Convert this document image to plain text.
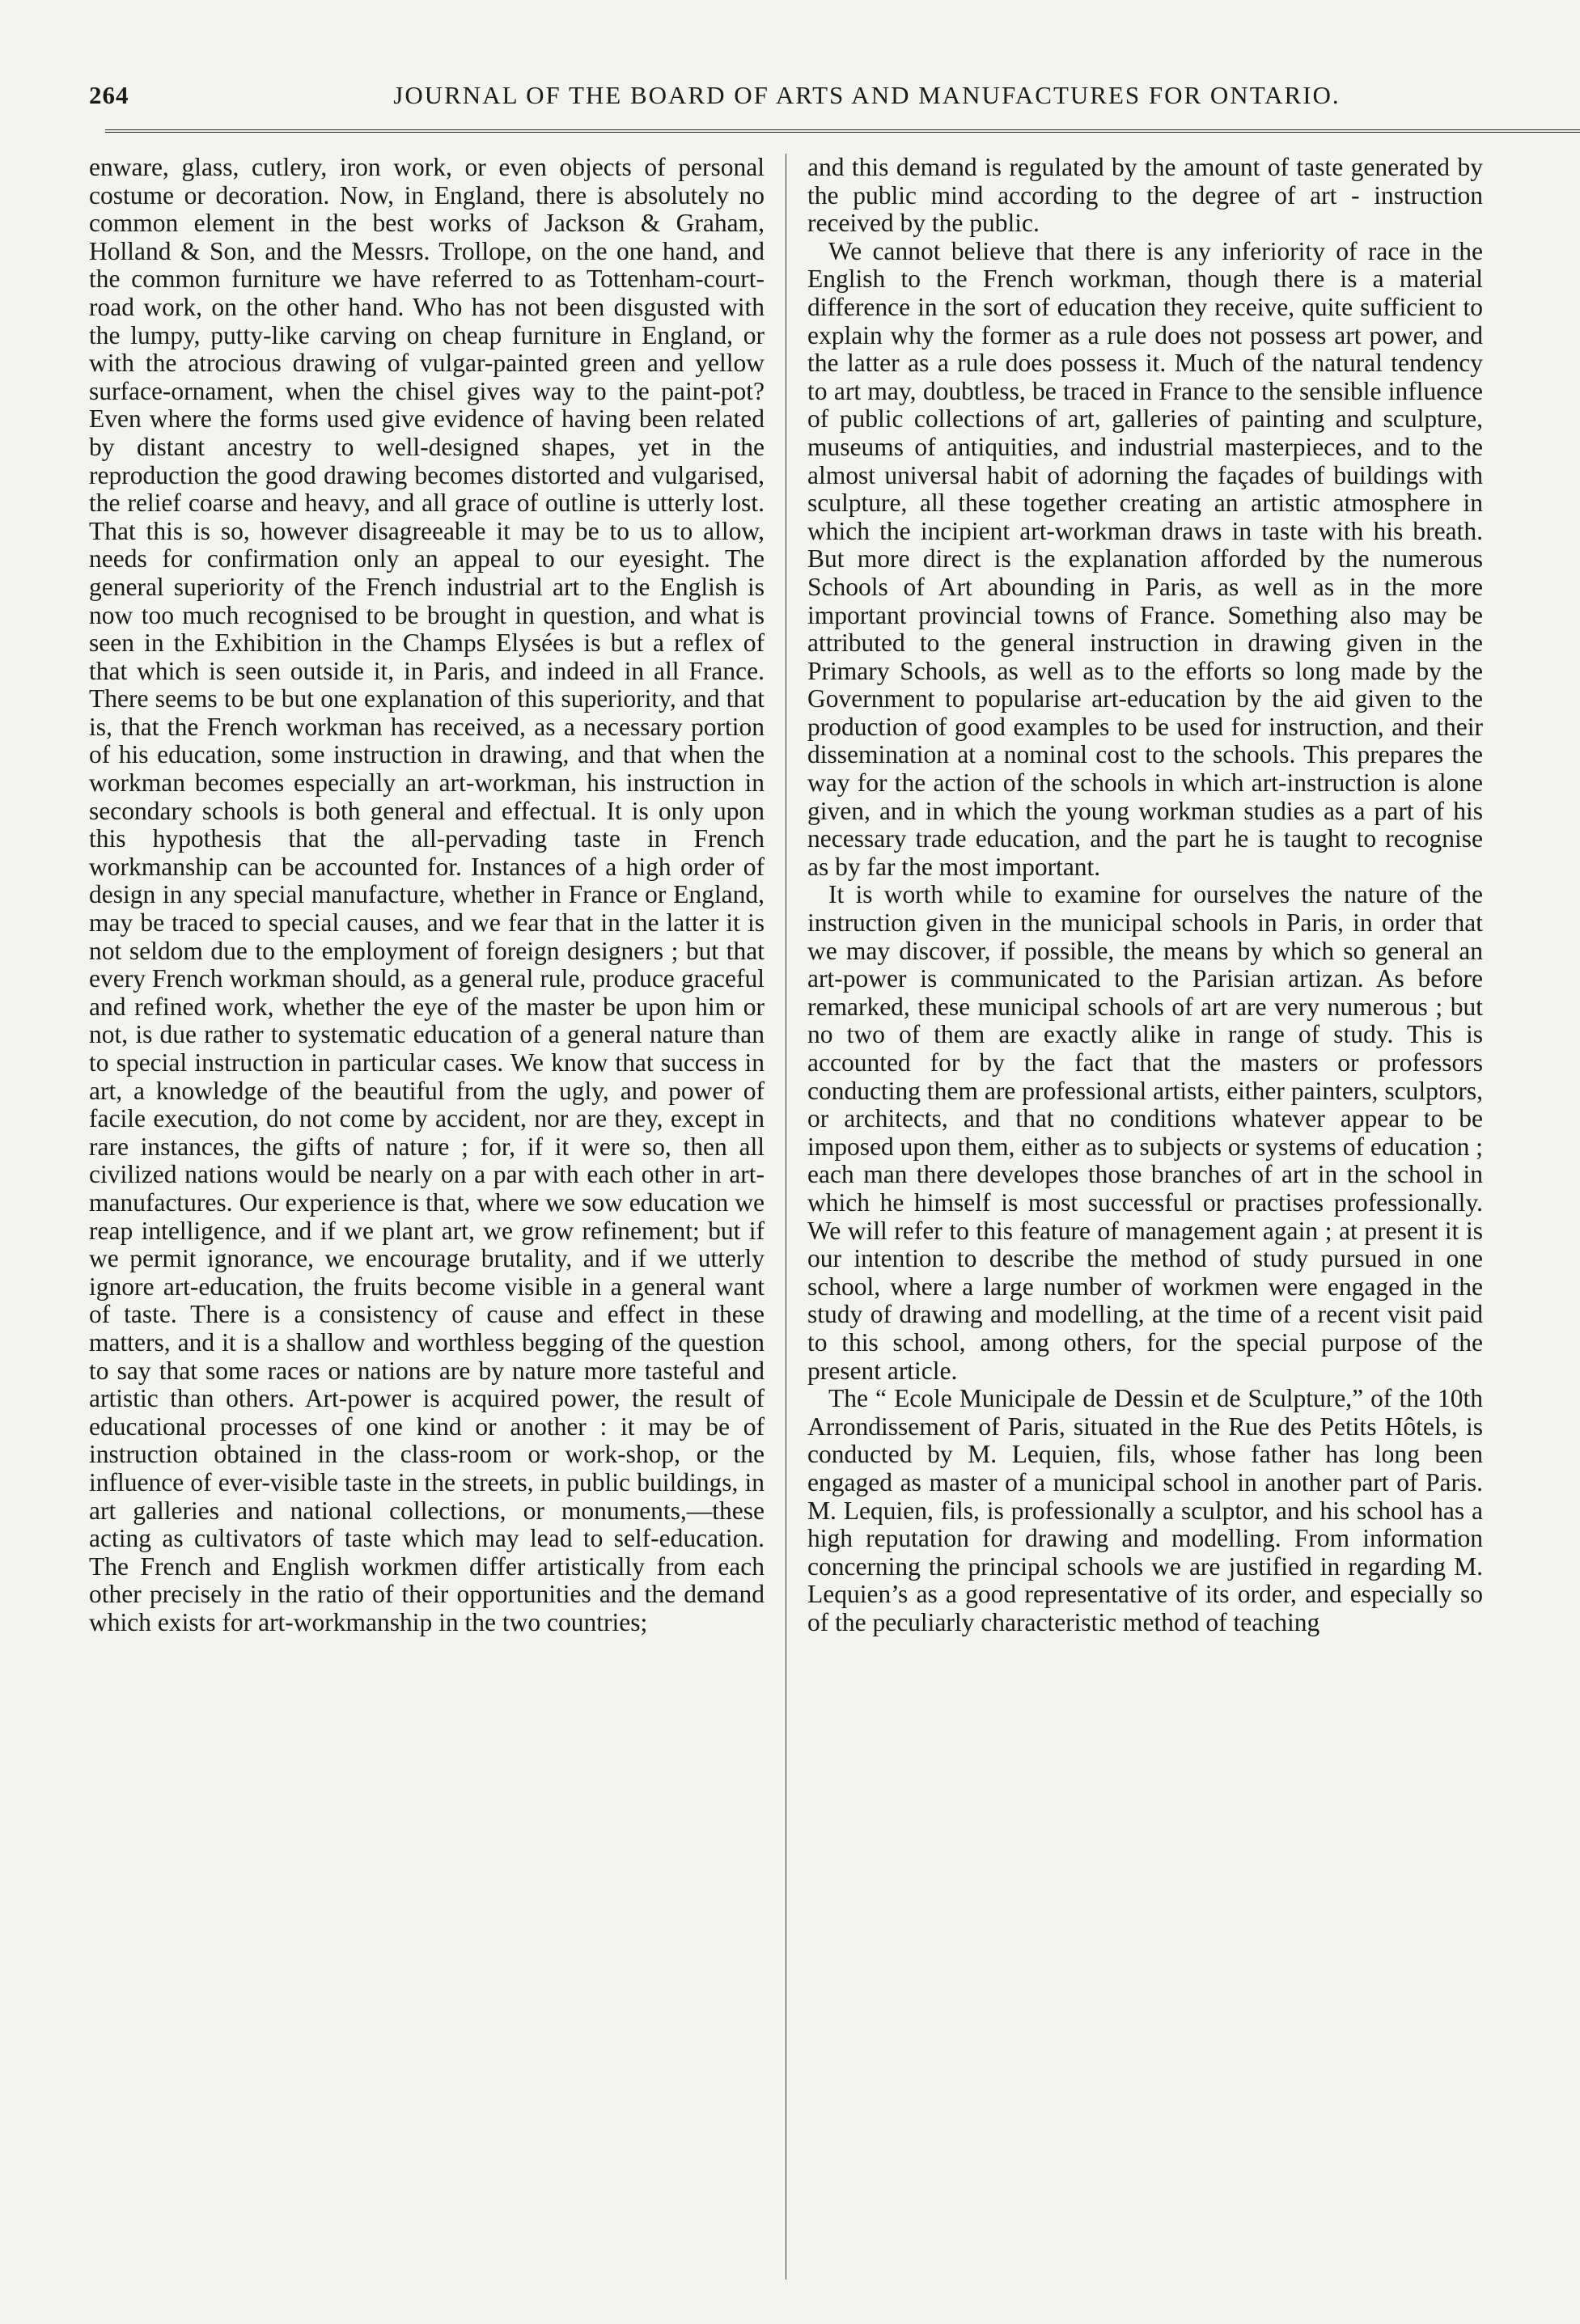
264	JOURNAL OF THE BOARD OF ARTS AND MANUFACTURES FOR ONTARIO.

enware, glass, cutlery, iron work, or even objects of personal costume or decoration. Now, in England, there is absolutely no common element in the best works of Jackson & Graham, Holland & Son, and the Messrs. Trollope, on the one hand, and the common furniture we have referred to as Tottenham-court-road work, on the other hand. Who has not been disgusted with the lumpy, putty-like carving on cheap furniture in England, or with the atrocious drawing of vulgar-painted green and yellow surface-ornament, when the chisel gives way to the paint-pot? Even where the forms used give evidence of having been related by distant ancestry to well-designed shapes, yet in the reproduction the good drawing becomes distorted and vulgarised, the relief coarse and heavy, and all grace of outline is utterly lost. That this is so, however disagreeable it may be to us to allow, needs for confirmation only an appeal to our eyesight. The general superiority of the French industrial art to the English is now too much recognised to be brought in question, and what is seen in the Exhibition in the Champs Elysées is but a reflex of that which is seen outside it, in Paris, and indeed in all France. There seems to be but one explanation of this superiority, and that is, that the French workman has received, as a necessary portion of his education, some instruction in drawing, and that when the workman becomes especially an art-workman, his instruction in secondary schools is both general and effectual. It is only upon this hypothesis that the all-pervading taste in French workmanship can be accounted for. Instances of a high order of design in any special manufacture, whether in France or England, may be traced to special causes, and we fear that in the latter it is not seldom due to the employment of foreign designers ; but that every French workman should, as a general rule, produce graceful and refined work, whether the eye of the master be upon him or not, is due rather to systematic education of a general nature than to special instruction in particular cases. We know that success in art, a knowledge of the beautiful from the ugly, and power of facile execution, do not come by accident, nor are they, except in rare instances, the gifts of nature ; for, if it were so, then all civilized nations would be nearly on a par with each other in art-manufactures. Our experience is that, where we sow education we reap intelligence, and if we plant art, we grow refinement; but if we permit ignorance, we encourage brutality, and if we utterly ignore art-education, the fruits become visible in a general want of taste. There is a consistency of cause and effect in these matters, and it is a shallow and worthless begging of the question to say that some races or nations are by nature more tasteful and artistic than others. Art-power is acquired power, the result of educational processes of one kind or another : it may be of instruction obtained in the class-room or work-shop, or the influence of ever-visible taste in the streets, in public buildings, in art galleries and national collections, or monuments,—these acting as cultivators of taste which may lead to self-education. The French and English workmen differ artistically from each other precisely in the ratio of their opportunities and the demand which exists for art-workmanship in the two countries;

and this demand is regulated by the amount of taste generated by the public mind according to the degree of art - instruction received by the public.

We cannot believe that there is any inferiority of race in the English to the French workman, though there is a material difference in the sort of education they receive, quite sufficient to explain why the former as a rule does not possess art power, and the latter as a rule does possess it. Much of the natural tendency to art may, doubtless, be traced in France to the sensible influence of public collections of art, galleries of painting and sculpture, museums of antiquities, and industrial masterpieces, and to the almost universal habit of adorning the façades of buildings with sculpture, all these together creating an artistic atmosphere in which the incipient art-workman draws in taste with his breath. But more direct is the explanation afforded by the numerous Schools of Art abounding in Paris, as well as in the more important provincial towns of France. Something also may be attributed to the general instruction in drawing given in the Primary Schools, as well as to the efforts so long made by the Government to popularise art-education by the aid given to the production of good examples to be used for instruction, and their dissemination at a nominal cost to the schools. This prepares the way for the action of the schools in which art-instruction is alone given, and in which the young workman studies as a part of his necessary trade education, and the part he is taught to recognise as by far the most important.

It is worth while to examine for ourselves the nature of the instruction given in the municipal schools in Paris, in order that we may discover, if possible, the means by which so general an art-power is communicated to the Parisian artizan. As before remarked, these municipal schools of art are very numerous ; but no two of them are exactly alike in range of study. This is accounted for by the fact that the masters or professors conducting them are professional artists, either painters, sculptors, or architects, and that no conditions whatever appear to be imposed upon them, either as to subjects or systems of education ; each man there developes those branches of art in the school in which he himself is most successful or practises professionally. We will refer to this feature of management again ; at present it is our intention to describe the method of study pursued in one school, where a large number of workmen were engaged in the study of drawing and modelling, at the time of a recent visit paid to this school, among others, for the special purpose of the present article.

The “ Ecole Municipale de Dessin et de Sculpture,” of the 10th Arrondissement of Paris, situated in the Rue des Petits Hôtels, is conducted by M. Lequien, fils, whose father has long been engaged as master of a municipal school in another part of Paris. M. Lequien, fils, is professionally a sculptor, and his school has a high reputation for drawing and modelling. From information concerning the principal schools we are justified in regarding M. Lequien’s as a good representative of its order, and especially so of the peculiarly characteristic method of teaching
